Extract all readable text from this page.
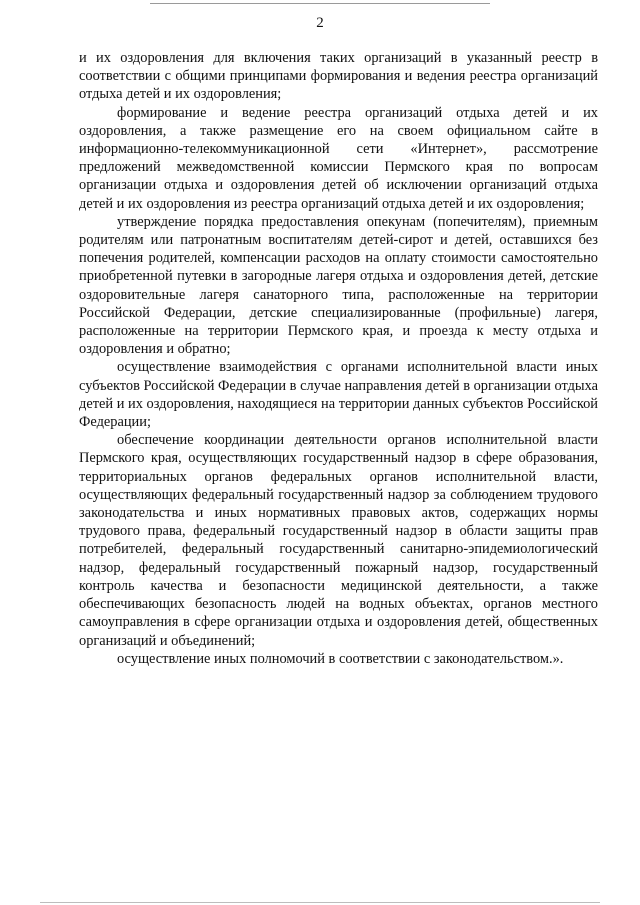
2

и их оздоровления для включения таких организаций в указанный реестр в соответствии с общими принципами формирования и ведения реестра организаций отдыха детей и их оздоровления;

формирование и ведение реестра организаций отдыха детей и их оздоровления, а также размещение его на своем официальном сайте в информационно-телекоммуникационной сети «Интернет», рассмотрение предложений межведомственной комиссии Пермского края по вопросам организации отдыха и оздоровления детей об исключении организаций отдыха детей и их оздоровления из реестра организаций отдыха детей и их оздоровления;

утверждение порядка предоставления опекунам (попечителям), приемным родителям или патронатным воспитателям детей-сирот и детей, оставшихся без попечения родителей, компенсации расходов на оплату стоимости самостоятельно приобретенной путевки в загородные лагеря отдыха и оздоровления детей, детские оздоровительные лагеря санаторного типа, расположенные на территории Российской Федерации, детские специализированные (профильные) лагеря, расположенные на территории Пермского края, и проезда к месту отдыха и оздоровления и обратно;

осуществление взаимодействия с органами исполнительной власти иных субъектов Российской Федерации в случае направления детей в организации отдыха детей и их оздоровления, находящиеся на территории данных субъектов Российской Федерации;

обеспечение координации деятельности органов исполнительной власти Пермского края, осуществляющих государственный надзор в сфере образования, территориальных органов федеральных органов исполнительной власти, осуществляющих федеральный государственный надзор за соблюдением трудового законодательства и иных нормативных правовых актов, содержащих нормы трудового права, федеральный государственный надзор в области защиты прав потребителей, федеральный государственный санитарно-эпидемиологический надзор, федеральный государственный пожарный надзор, государственный контроль качества и безопасности медицинской деятельности, а также обеспечивающих безопасность людей на водных объектах, органов местного самоуправления в сфере организации отдыха и оздоровления детей, общественных организаций и объединений;

осуществление иных полномочий в соответствии с законодательством.».
